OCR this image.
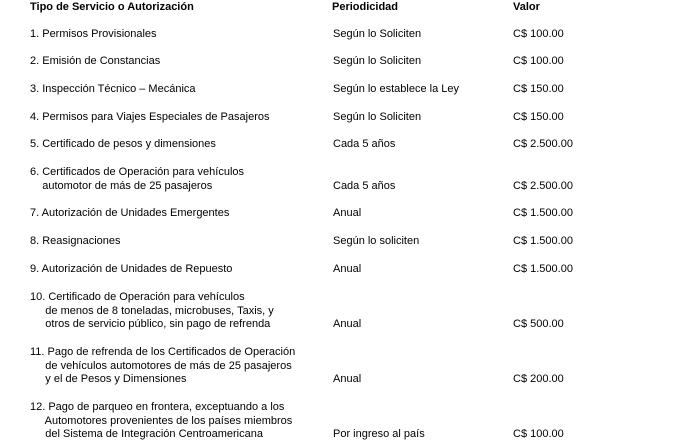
Tipo de Servicio o Autorización	Periodicidad	Valor
1. Permisos Provisionales	Según lo Soliciten	C$ 100.00
2. Emisión de Constancias	Según lo Soliciten	C$ 100.00
3. Inspección Técnico – Mecánica	Según lo establece la Ley	C$ 150.00
4. Permisos para Viajes Especiales de Pasajeros	Según lo Soliciten	C$ 150.00
5. Certificado de pesos y dimensiones	Cada 5 años	C$ 2.500.00
6. Certificados de Operación para vehículos
automotor de más de 25 pasajeros	Cada 5 años	C$ 2.500.00
7. Autorización de Unidades Emergentes	Anual	C$ 1.500.00
8. Reasignaciones	Según lo soliciten	C$ 1.500.00
9. Autorización de Unidades de Repuesto	Anual	C$ 1.500.00
10. Certificado de Operación para vehículos
de menos de 8 toneladas, microbuses, Taxis, y
otros de servicio público, sin pago de refrenda	Anual	C$ 500.00
11. Pago de refrenda de los Certificados de Operación
de vehículos automotores de más de 25 pasajeros
y el de Pesos y Dimensiones	Anual	C$ 200.00
12. Pago de parqueo en frontera, exceptuando a los
Automotores provenientes de los países miembros
del Sistema de Integración Centroamericana	Por ingreso al país	C$ 100.00
